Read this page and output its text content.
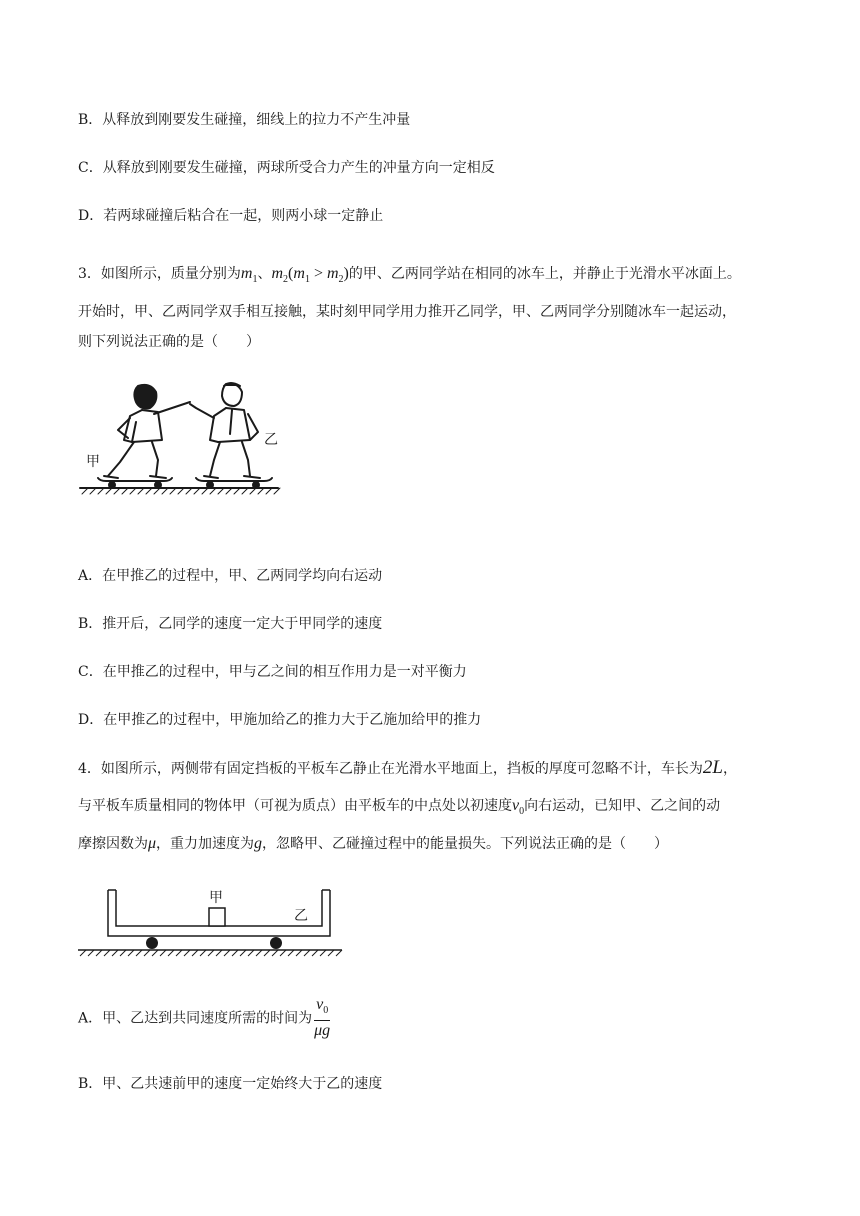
B．从释放到刚要发生碰撞，细线上的拉力不产生冲量
C．从释放到刚要发生碰撞，两球所受合力产生的冲量方向一定相反
D．若两球碰撞后粘合在一起，则两小球一定静止
3．如图所示，质量分别为$m_1$、$m_2(m_1 > m_2)$的甲、乙两同学站在相同的冰车上，并静止于光滑水平冰面上。
开始时，甲、乙两同学双手相互接触，某时刻甲同学用力推开乙同学，甲、乙两同学分别随冰车一起运动，
则下列说法正确的是（　　）
甲
乙
A．在甲推乙的过程中，甲、乙两同学均向右运动
B．推开后，乙同学的速度一定大于甲同学的速度
C．在甲推乙的过程中，甲与乙之间的相互作用力是一对平衡力
D．在甲推乙的过程中，甲施加给乙的推力大于乙施加给甲的推力
4．如图所示，两侧带有固定挡板的平板车乙静止在光滑水平地面上，挡板的厚度可忽略不计，车长为2L，
与平板车质量相同的物体甲（可视为质点）由平板车的中点处以初速度$v_0$向右运动，已知甲、乙之间的动
摩擦因数为μ，重力加速度为g，忽略甲、乙碰撞过程中的能量损失。下列说法正确的是（　　）
甲
乙
A．甲、乙达到共同速度所需的时间为 $\frac{v_0}{\mu g}$
B．甲、乙共速前甲的速度一定始终大于乙的速度
